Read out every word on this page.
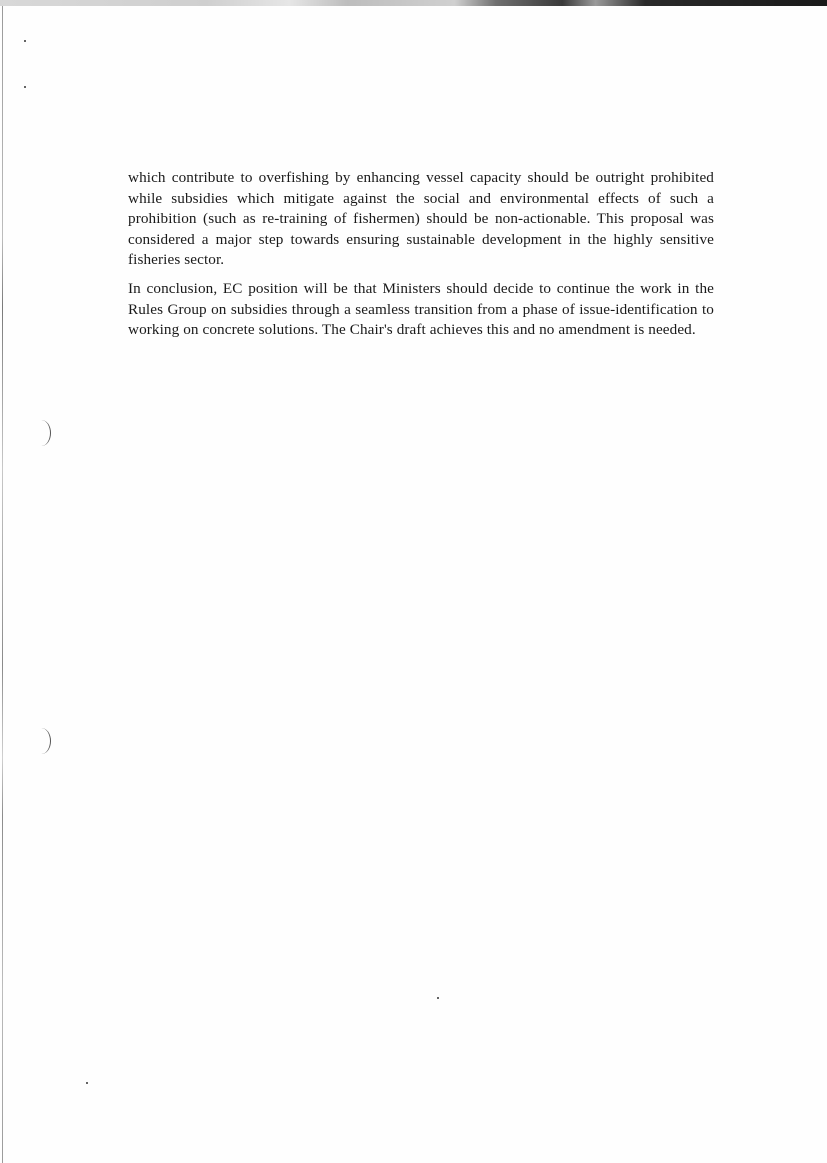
which contribute to overfishing by enhancing vessel capacity should be outright prohibited while subsidies which mitigate against the social and environmental effects of such a prohibition (such as re-training of fishermen) should be non-actionable. This proposal was considered a major step towards ensuring sustainable development in the highly sensitive fisheries sector.

In conclusion, EC position will be that Ministers should decide to continue the work in the Rules Group on subsidies through a seamless transition from a phase of issue-identification to working on concrete solutions. The Chair's draft achieves this and no amendment is needed.
